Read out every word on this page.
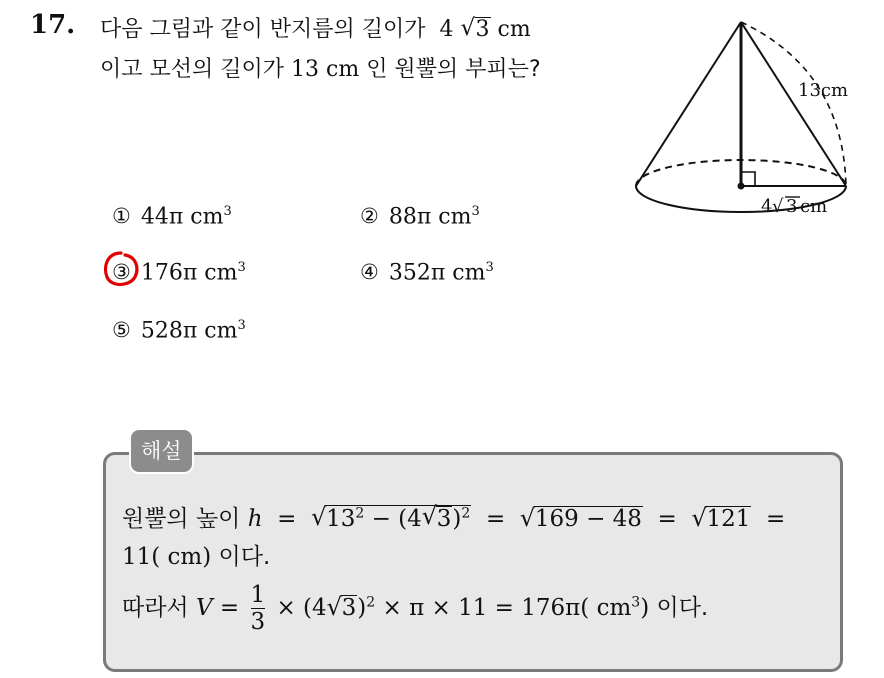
17. 다음 그림과 같이 반지름의 길이가 4 √ 3 cm
이고 모선의 길이가 13 cm 인 원뿔의 부피는?
13cm
4 √ 3 cm
① 44π $cm^3$	② 88π $cm^3$
③ 176π $cm^3$	④ 352π $cm^3$
⑤ 528π $cm^3$
해설
원뿔의 높이 h = √ $13^2 - (4$ √ 3)$^2$ = √ 169 − 48 = √ 121 =
11( cm) 이다.
따라서 $V = \frac{1}{3} \times (4$ √ 3)$^2$ × π × 11 = 176π( $cm^3$) 이다.
